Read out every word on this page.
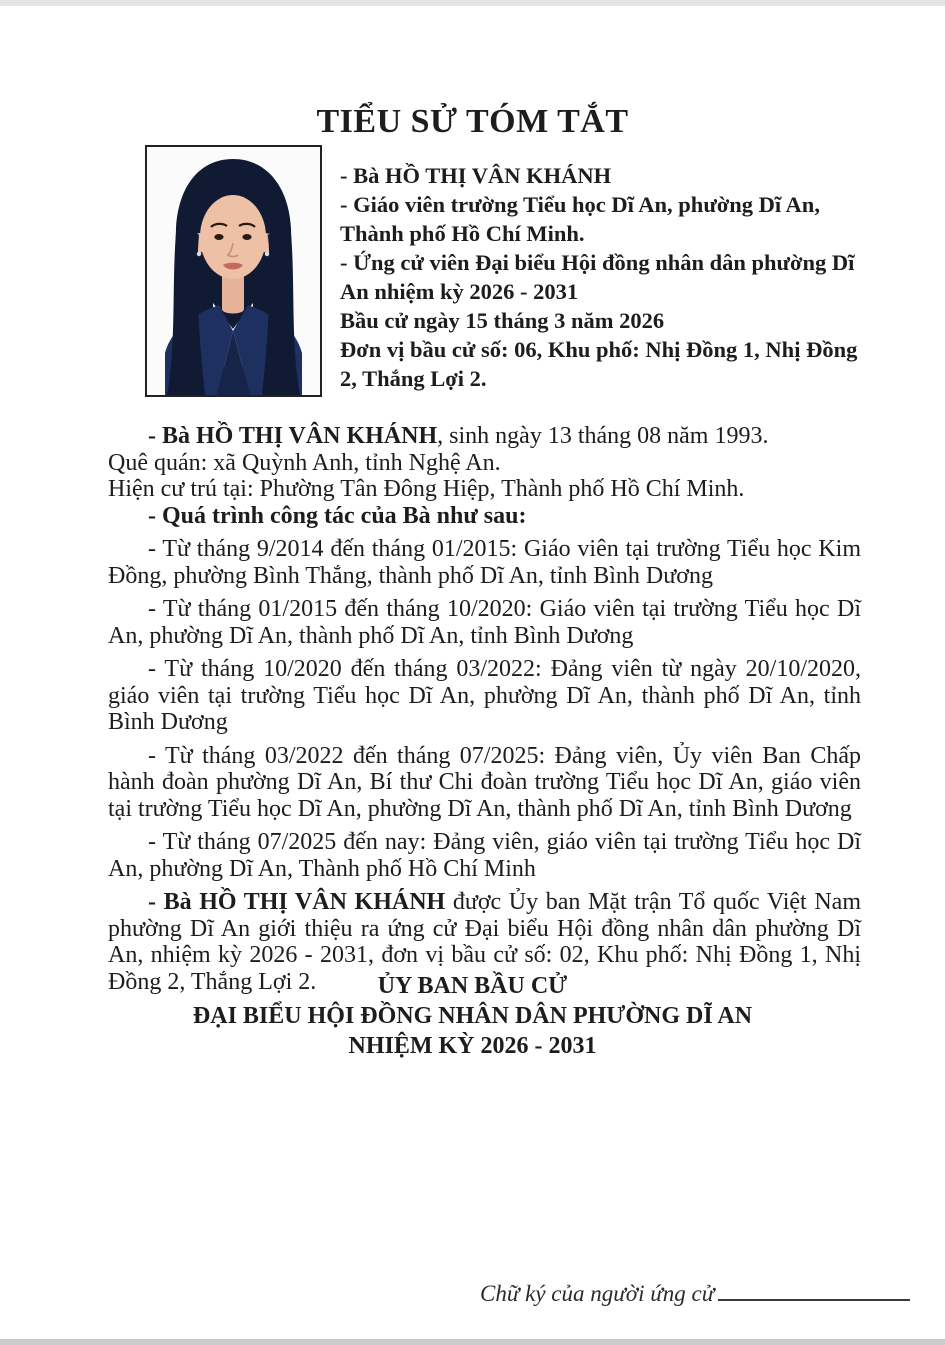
TIỂU SỬ TÓM TẮT

- Bà HỒ THỊ VÂN KHÁNH

- Giáo viên trường Tiểu học Dĩ An, phường Dĩ An, Thành phố Hồ Chí Minh.

- Ứng cử viên Đại biểu Hội đồng nhân dân phường Dĩ An nhiệm kỳ 2026 - 2031

Bầu cử ngày 15 tháng 3 năm 2026

Đơn vị bầu cử số: 06, Khu phố: Nhị Đồng 1, Nhị Đồng 2, Thắng Lợi 2.

- Bà HỒ THỊ VÂN KHÁNH, sinh ngày 13 tháng 08 năm 1993.

Quê quán: xã Quỳnh Anh, tỉnh Nghệ An.

Hiện cư trú tại: Phường Tân Đông Hiệp, Thành phố Hồ Chí Minh.

- Quá trình công tác của Bà như sau:

- Từ tháng 9/2014 đến tháng 01/2015: Giáo viên tại trường Tiểu học Kim Đồng, phường Bình Thắng, thành phố Dĩ An, tỉnh Bình Dương

- Từ tháng 01/2015 đến tháng 10/2020: Giáo viên tại trường Tiểu học Dĩ An, phường Dĩ An, thành phố Dĩ An, tỉnh Bình Dương

- Từ tháng 10/2020 đến tháng 03/2022: Đảng viên từ ngày 20/10/2020, giáo viên tại trường Tiểu học Dĩ An, phường Dĩ An, thành phố Dĩ An, tỉnh Bình Dương

- Từ tháng 03/2022 đến tháng 07/2025: Đảng viên, Ủy viên Ban Chấp hành đoàn phường Dĩ An, Bí thư Chi đoàn trường Tiểu học Dĩ An, giáo viên tại trường Tiểu học Dĩ An, phường Dĩ An, thành phố Dĩ An, tỉnh Bình Dương

- Từ tháng 07/2025 đến nay: Đảng viên, giáo viên tại trường Tiểu học Dĩ An, phường Dĩ An, Thành phố Hồ Chí Minh

- Bà HỒ THỊ VÂN KHÁNH được Ủy ban Mặt trận Tổ quốc Việt Nam phường Dĩ An giới thiệu ra ứng cử Đại biểu Hội đồng nhân dân phường Dĩ An, nhiệm kỳ 2026 - 2031, đơn vị bầu cử số: 02, Khu phố: Nhị Đồng 1, Nhị Đồng 2, Thắng Lợi 2.	ỦY BAN BẦU CỬ

ĐẠI BIỂU HỘI ĐỒNG NHÂN DÂN PHƯỜNG DĨ AN

NHIỆM KỲ 2026 - 2031

Chữ ký của người ứng cử
